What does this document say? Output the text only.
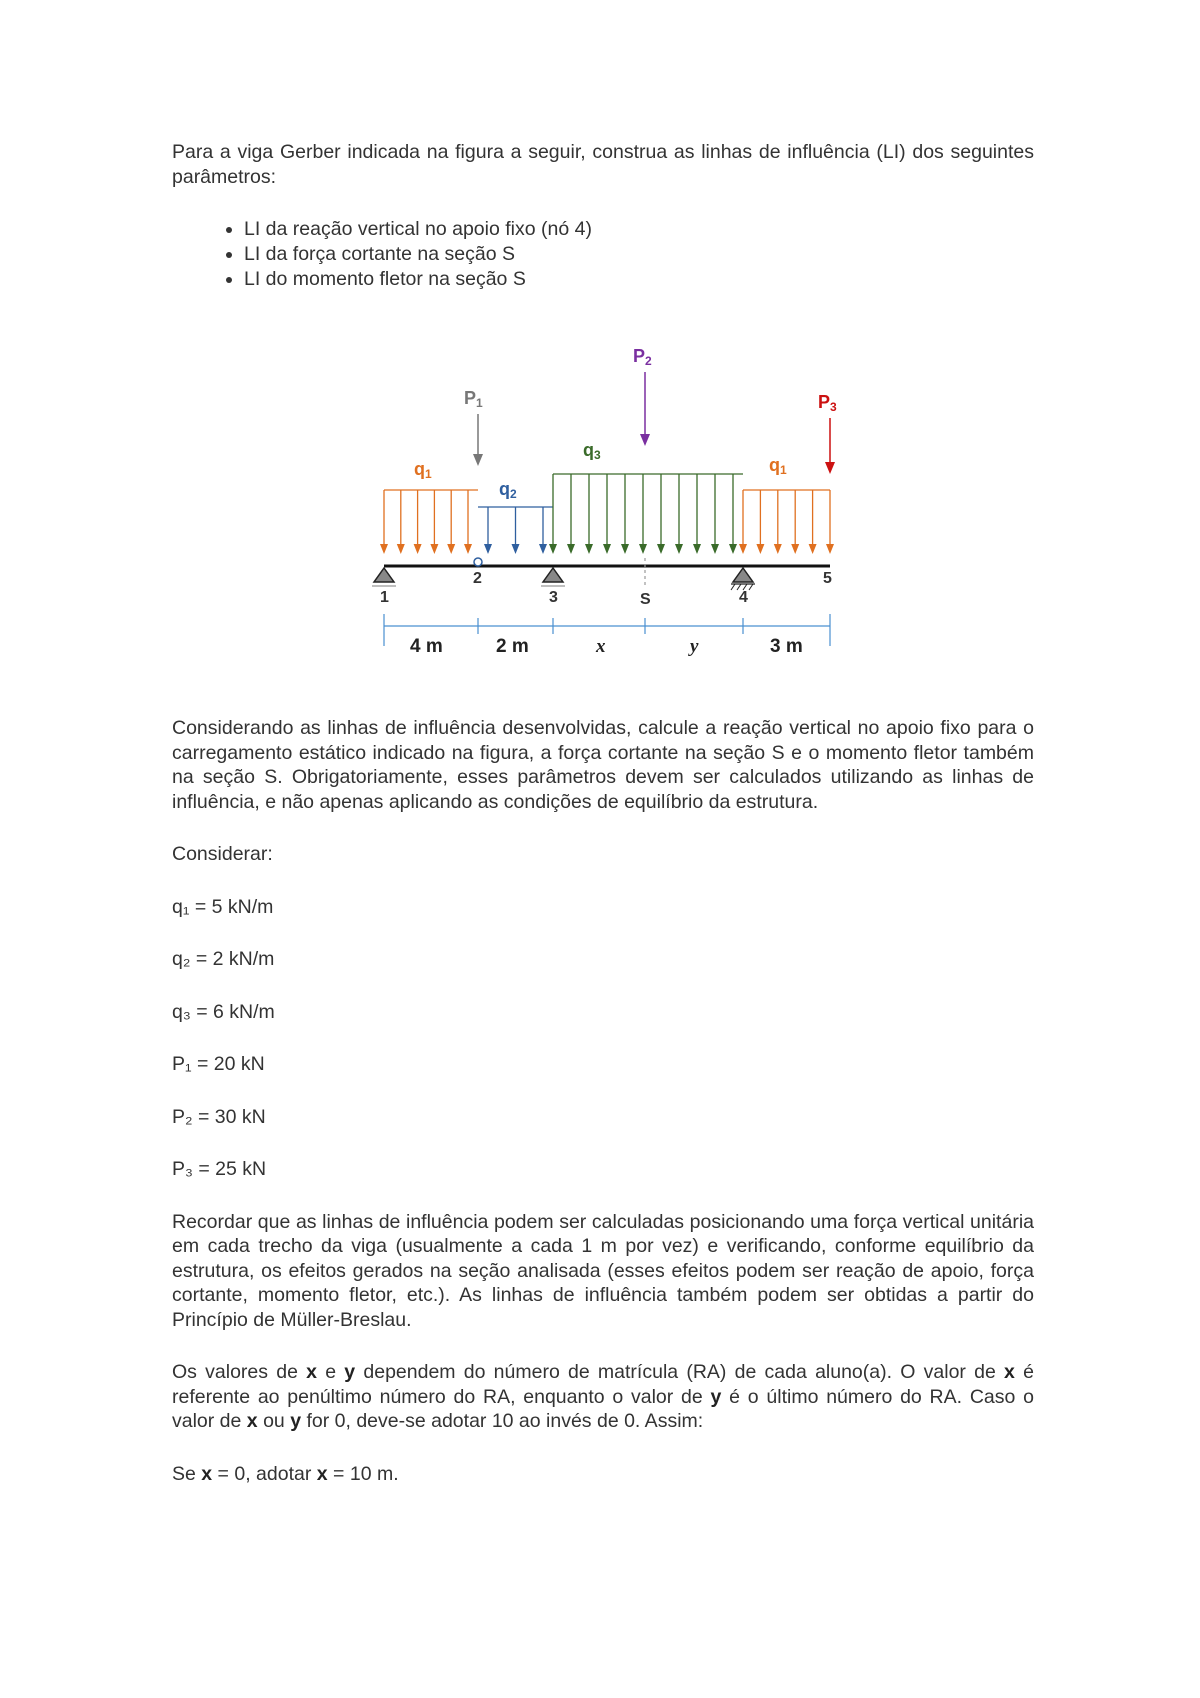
Para a viga Gerber indicada na figura a seguir, construa as linhas de influência (LI) dos seguintes parâmetros:

• LI da reação vertical no apoio fixo (nó 4)
• LI da força cortante na seção S
• LI do momento fletor na seção S

Considerando as linhas de influência desenvolvidas, calcule a reação vertical no apoio fixo para o carregamento estático indicado na figura, a força cortante na seção S e o momento fletor também na seção S. Obrigatoriamente, esses parâmetros devem ser calculados utilizando as linhas de influência, e não apenas aplicando as condições de equilíbrio da estrutura.

Considerar:

q₁ = 5 kN/m

q₂ = 2 kN/m

q₃ = 6 kN/m

P₁ = 20 kN

P₂ = 30 kN

P₃ = 25 kN

Recordar que as linhas de influência podem ser calculadas posicionando uma força vertical unitária em cada trecho da viga (usualmente a cada 1 m por vez) e verificando, conforme equilíbrio da estrutura, os efeitos gerados na seção analisada (esses efeitos podem ser reação de apoio, força cortante, momento fletor, etc.). As linhas de influência também podem ser obtidas a partir do Princípio de Müller-Breslau.

Os valores de x e y dependem do número de matrícula (RA) de cada aluno(a). O valor de x é referente ao penúltimo número do RA, enquanto o valor de y é o último número do RA. Caso o valor de x ou y for 0, deve-se adotar 10 ao invés de 0. Assim:

Se x = 0, adotar x = 10 m.

q1
q2
q3	q1
P1
P2
P3
1
2
3	S	4
5
4 m	2 m	x	y	3 m
